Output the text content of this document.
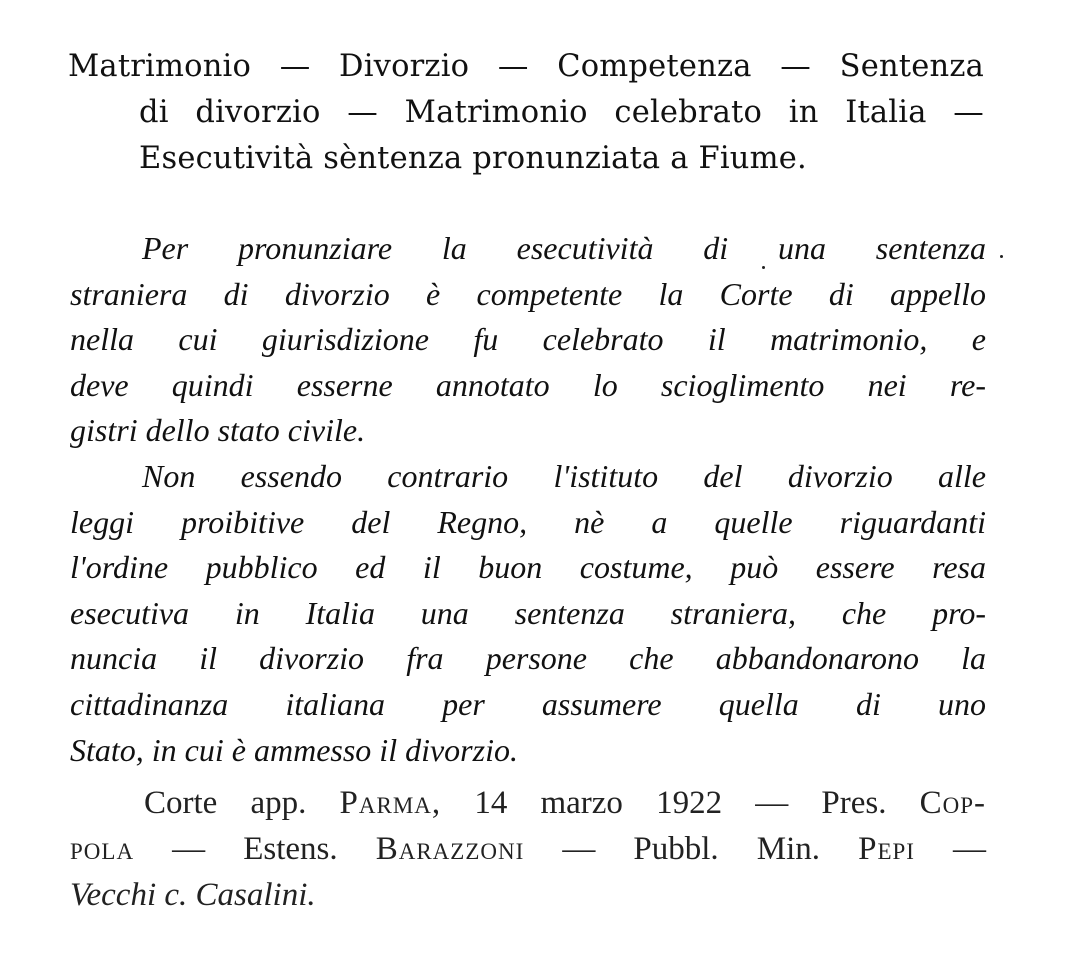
Matrimonio — Divorzio — Competenza — Sentenza
di divorzio — Matrimonio celebrato in Italia —
Esecutività sèntenza pronunziata a Fiume.
Per pronunziare la esecutività di una sentenza
straniera di divorzio è competente la Corte di appello
nella cui giurisdizione fu celebrato il matrimonio, e
deve quindi esserne annotato lo scioglimento nei re-
gistri dello stato civile.
Non essendo contrario l'istituto del divorzio alle
leggi proibitive del Regno, nè a quelle riguardanti
l'ordine pubblico ed il buon costume, può essere resa
esecutiva in Italia una sentenza straniera, che pro-
nuncia il divorzio fra persone che abbandonarono la
cittadinanza italiana per assumere quella di uno
Stato, in cui è ammesso il divorzio.
Corte app. Parma, 14 marzo 1922 — Pres. Cop-
pola — Estens. Barazzoni — Pubbl. Min. Pepi —
Vecchi c. Casalini.
